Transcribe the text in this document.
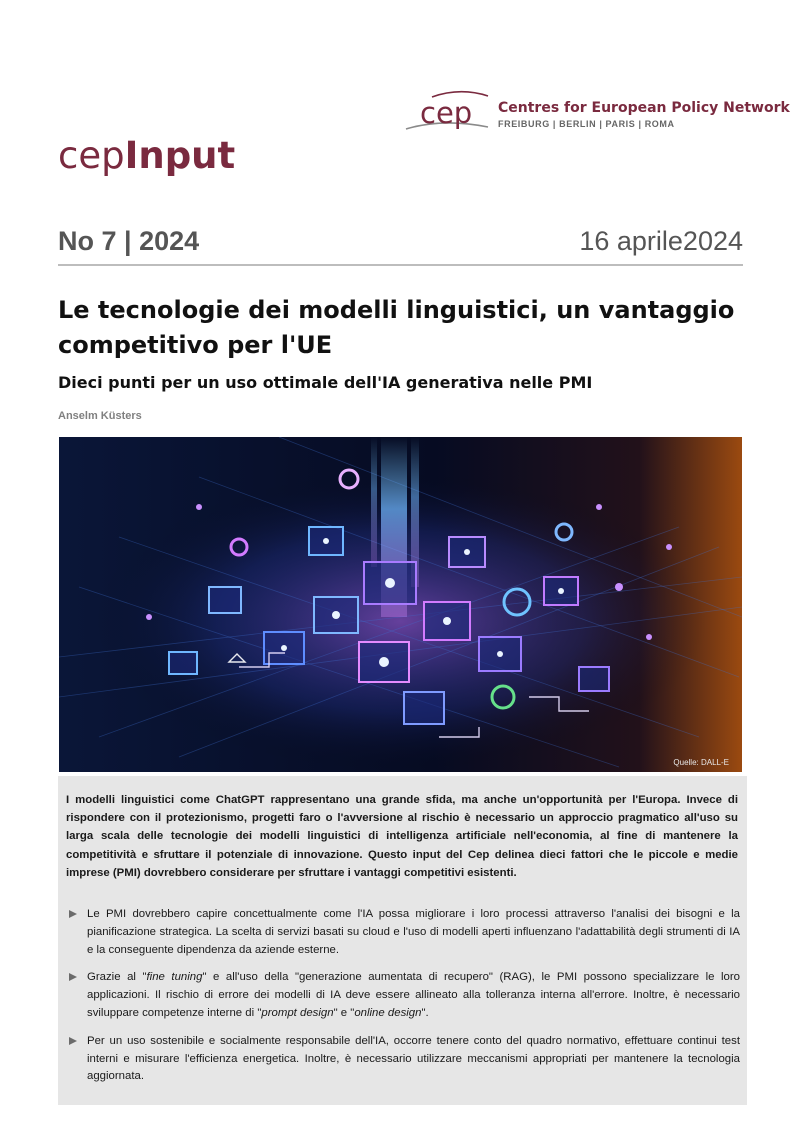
cep Centres for European Policy Network
FREIBURG | BERLIN | PARIS | ROMA
cepInput
No 7 | 2024	16 aprile2024
Le tecnologie dei modelli linguistici, un vantaggio competitivo per l'UE
Dieci punti per un uso ottimale dell'IA generativa nelle PMI
Anselm Küsters
Quelle: DALL-E

I modelli linguistici come ChatGPT rappresentano una grande sfida, ma anche un'opportunità per l'Europa. Invece di rispondere con il protezionismo, progetti faro o l'avversione al rischio è necessario un approccio pragmatico all'uso su larga scala delle tecnologie dei modelli linguistici di intelligenza artificiale nell'economia, al fine di mantenere la competitività e sfruttare il potenziale di innovazione. Questo input del Cep delinea dieci fattori che le piccole e medie imprese (PMI) dovrebbero considerare per sfruttare i vantaggi competitivi esistenti.

Le PMI dovrebbero capire concettualmente come l'IA possa migliorare i loro processi attraverso l'analisi dei bisogni e la pianificazione strategica. La scelta di servizi basati su cloud e l'uso di modelli aperti influenzano l'adattabilità degli strumenti di IA e la conseguente dipendenza da aziende esterne.
Grazie al "fine tuning" e all'uso della "generazione aumentata di recupero" (RAG), le PMI possono specializzare le loro applicazioni. Il rischio di errore dei modelli di IA deve essere allineato alla tolleranza interna all'errore. Inoltre, è necessario sviluppare competenze interne di "prompt design" e "online design".
Per un uso sostenibile e socialmente responsabile dell'IA, occorre tenere conto del quadro normativo, effettuare continui test interni e misurare l'efficienza energetica. Inoltre, è necessario utilizzare meccanismi appropriati per mantenere la tecnologia aggiornata.
